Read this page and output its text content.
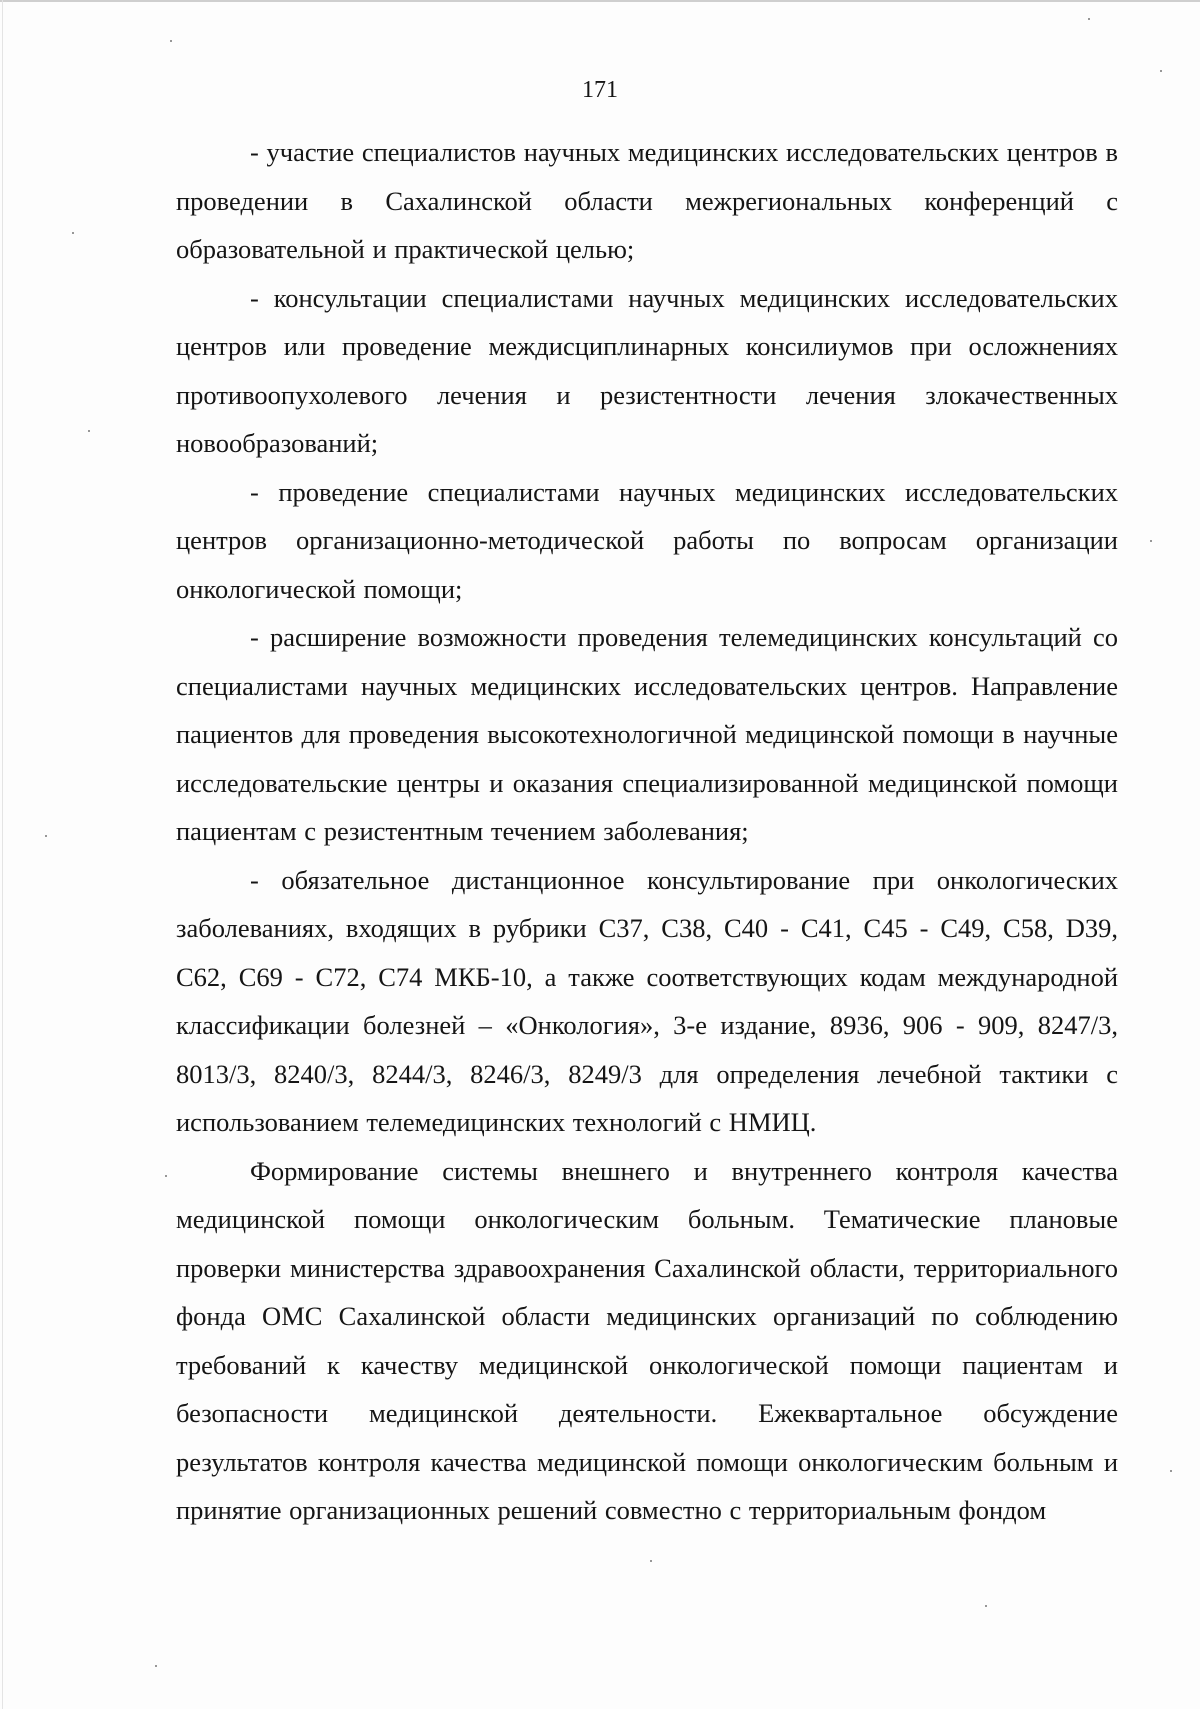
171

- участие специалистов научных медицинских исследовательских центров в проведении в Сахалинской области межрегиональных конференций с образовательной и практической целью;

- консультации специалистами научных медицинских исследовательских центров или проведение междисциплинарных консилиумов при осложнениях противоопухолевого лечения и резистентности лечения злокачественных новообразований;

- проведение специалистами научных медицинских исследовательских центров организационно-методической работы по вопросам организации онкологической помощи;

- расширение возможности проведения телемедицинских консультаций со специалистами научных медицинских исследовательских центров. Направление пациентов для проведения высокотехнологичной медицинской помощи в научные исследовательские центры и оказания специализированной медицинской помощи пациентам с резистентным течением заболевания;

- обязательное дистанционное консультирование при онкологических заболеваниях, входящих в рубрики С37, С38, С40 - С41, С45 - С49, С58, D39, С62, С69 - С72, С74 МКБ-10, а также соответствующих кодам международной классификации болезней – «Онкология», 3-е издание, 8936, 906 - 909, 8247/3, 8013/3, 8240/3, 8244/3, 8246/3, 8249/3 для определения лечебной тактики с использованием телемедицинских технологий с НМИЦ.

Формирование системы внешнего и внутреннего контроля качества медицинской помощи онкологическим больным. Тематические плановые проверки министерства здравоохранения Сахалинской области, территориального фонда ОМС Сахалинской области медицинских организаций по соблюдению требований к качеству медицинской онкологической помощи пациентам и безопасности медицинской деятельности. Ежеквартальное обсуждение результатов контроля качества медицинской помощи онкологическим больным и принятие организационных решений совместно с территориальным фондом
